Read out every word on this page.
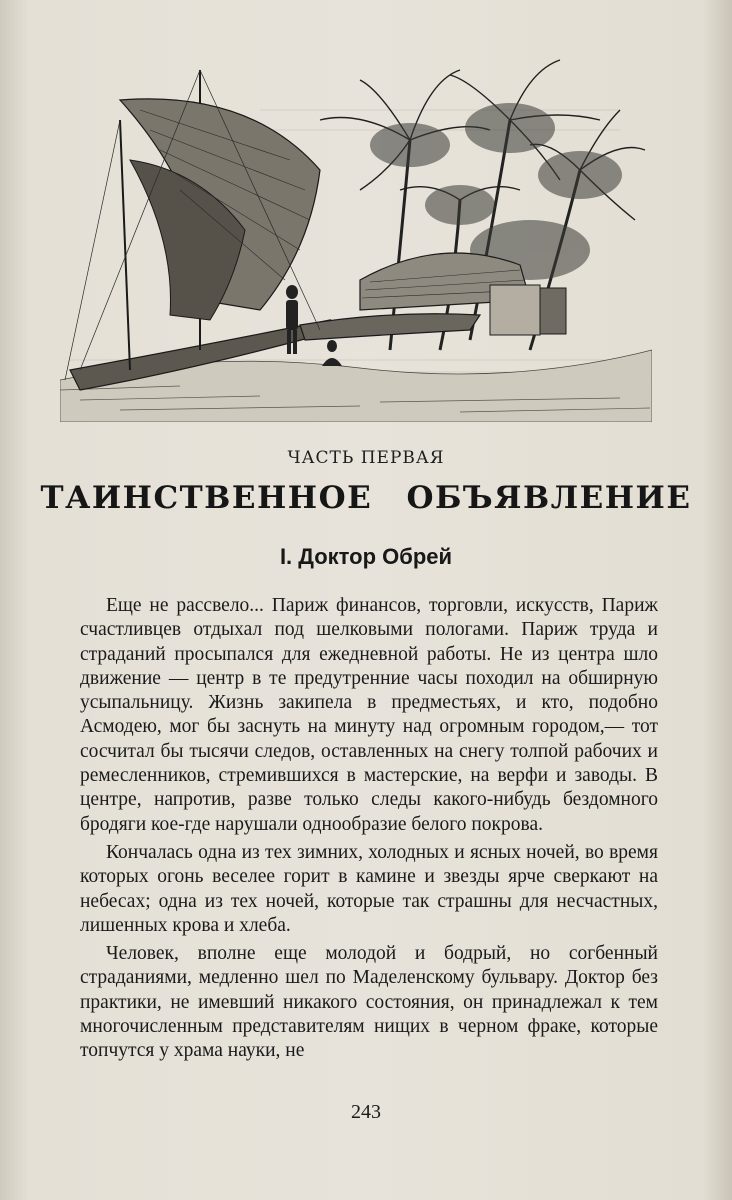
ЧАСТЬ ПЕРВАЯ
ТАИНСТВЕННОЕ ОБЪЯВЛЕНИЕ
I. Доктор Обрей

Еще не рассвело... Париж финансов, торговли, искусств, Париж счастливцев отдыхал под шелковыми пологами. Париж труда и страданий просыпался для ежедневной работы. Не из центра шло движение — центр в те предутренние часы походил на обширную усыпальницу. Жизнь закипела в предместьях, и кто, подобно Асмодею, мог бы заснуть на минуту над огромным городом,— тот сосчитал бы тысячи следов, оставленных на снегу толпой рабочих и ремесленников, стремившихся в мастерские, на верфи и заводы. В центре, напротив, разве только следы какого-нибудь бездомного бродяги кое-где нарушали однообразие белого покрова.

Кончалась одна из тех зимних, холодных и ясных ночей, во время которых огонь веселее горит в камине и звезды ярче сверкают на небесах; одна из тех ночей, которые так страшны для несчастных, лишенных крова и хлеба.

Человек, вполне еще молодой и бодрый, но согбенный страданиями, медленно шел по Маделенскому бульвару. Доктор без практики, не имевший никакого состояния, он принадлежал к тем многочисленным представителям нищих в черном фраке, которые топчутся у храма науки, не

243
